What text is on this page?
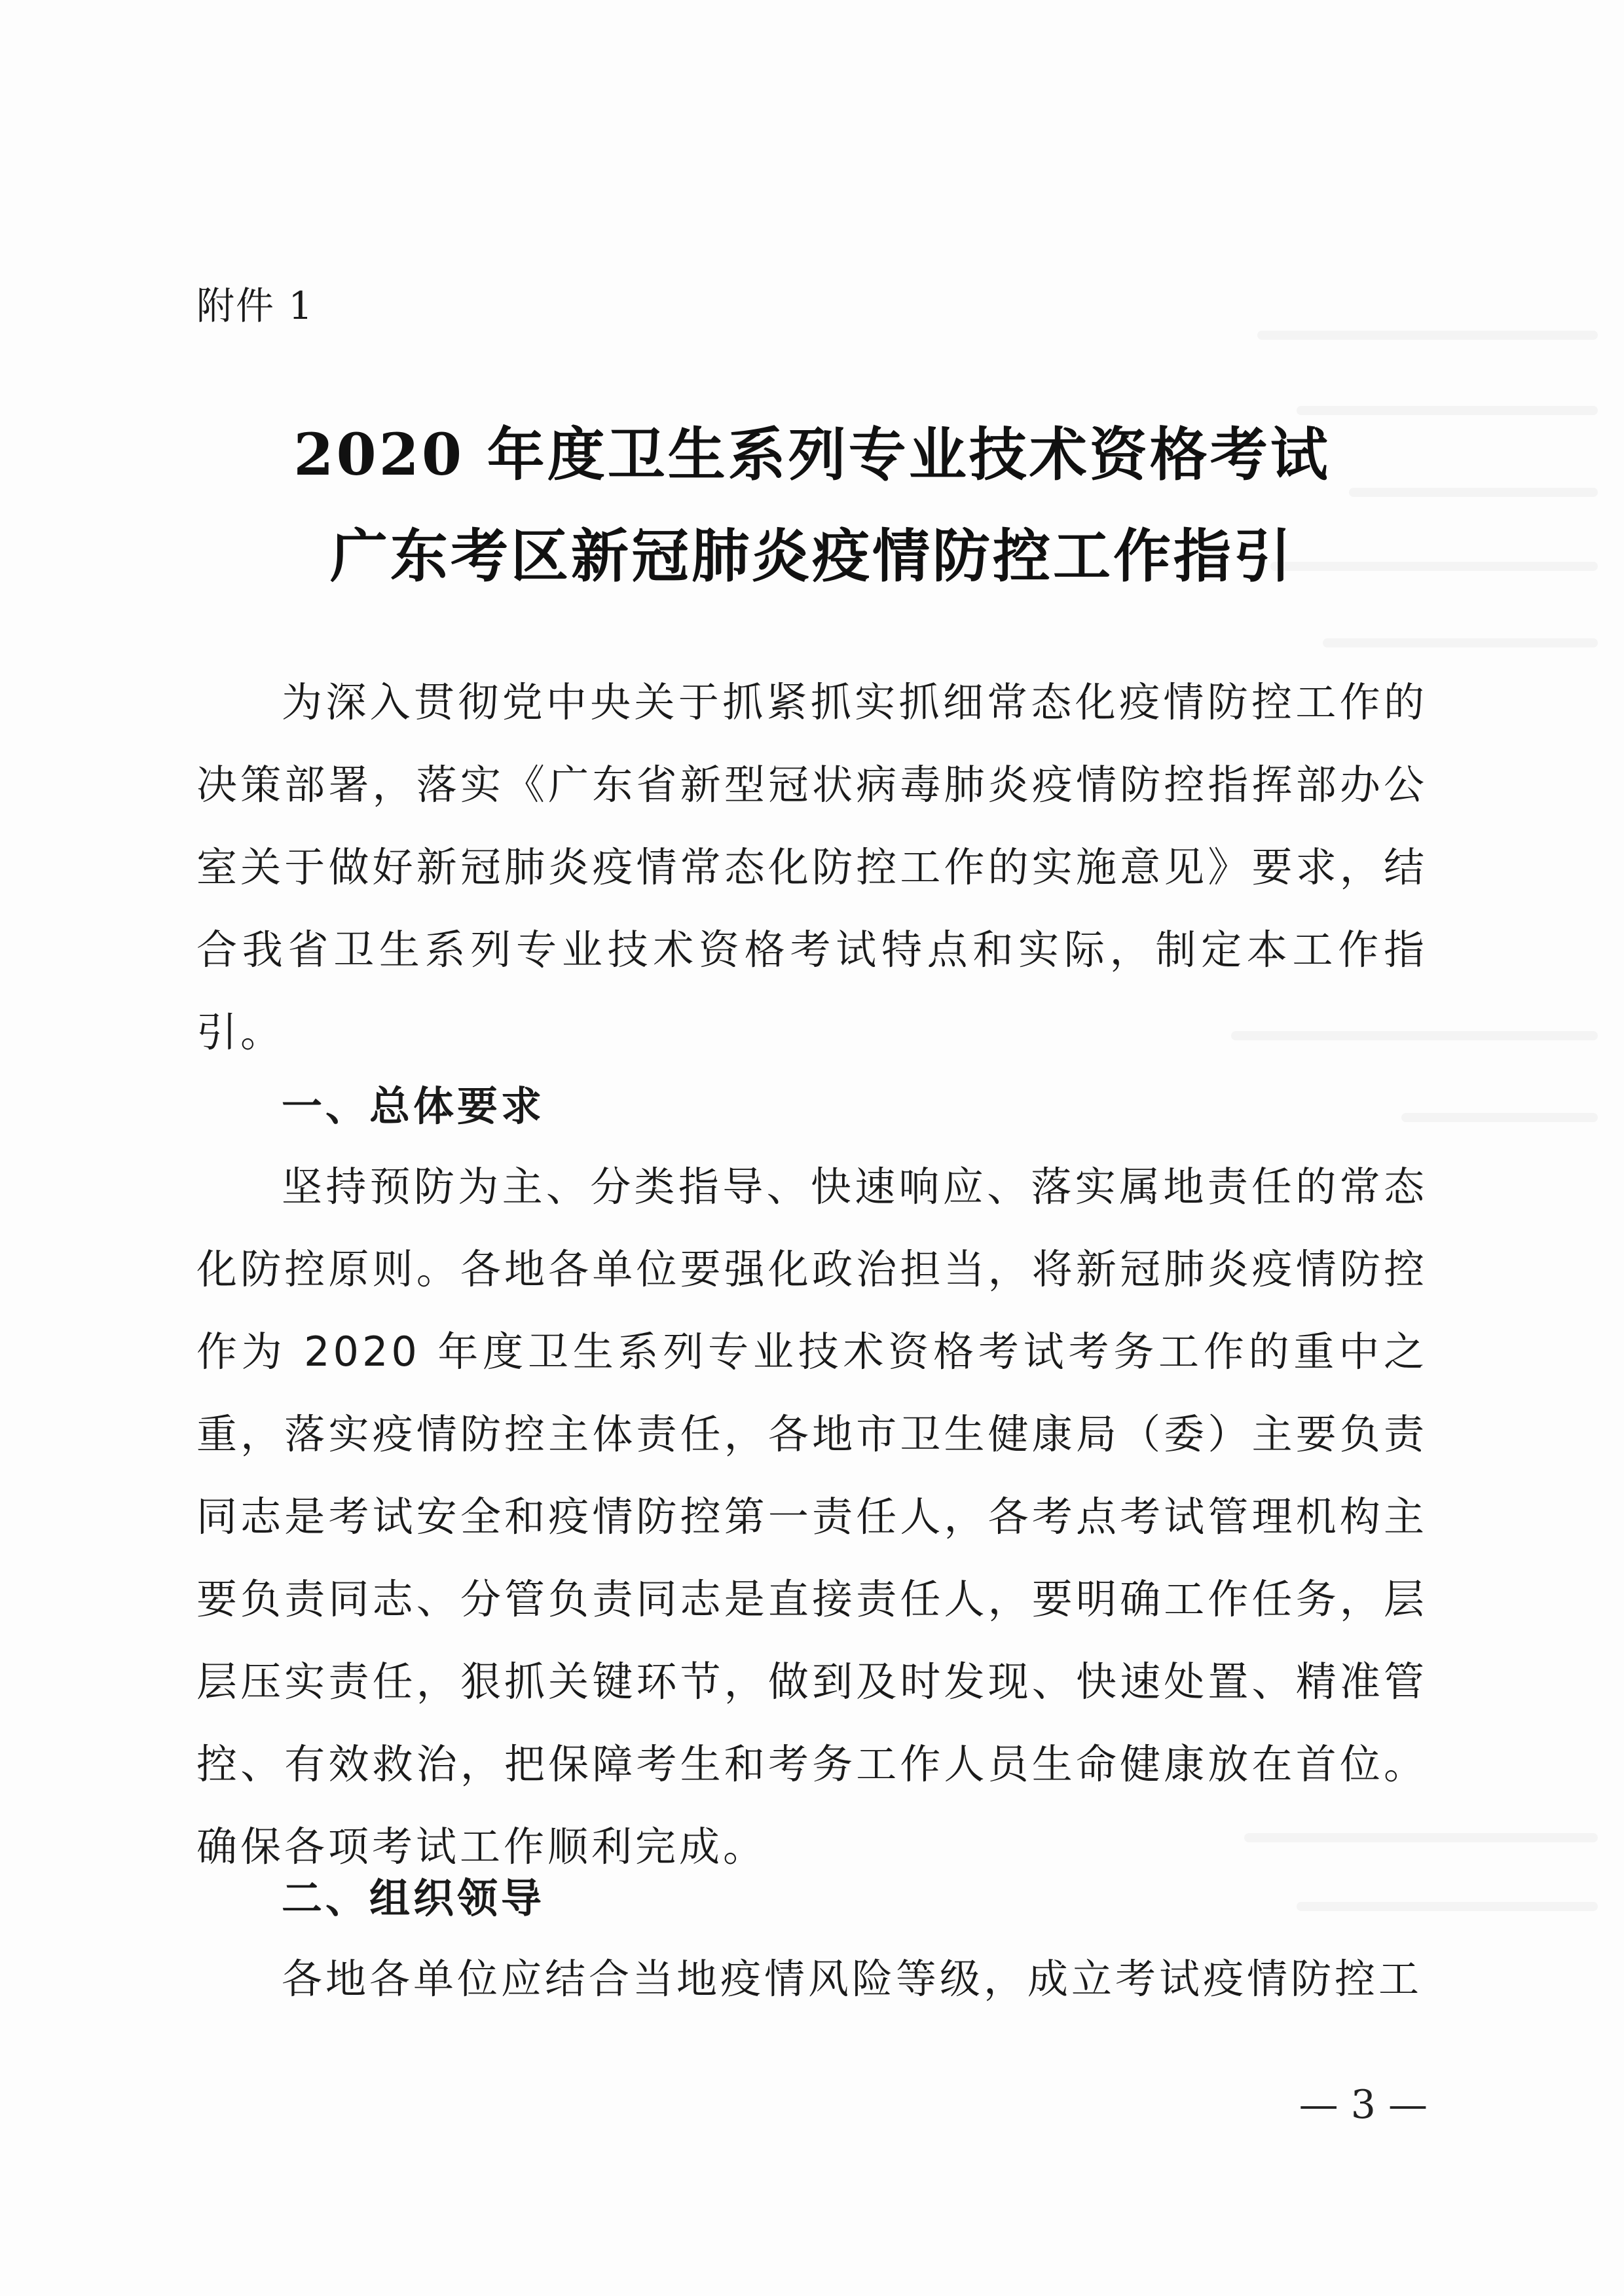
附件 1
2020 年度卫生系列专业技术资格考试
广东考区新冠肺炎疫情防控工作指引

为深入贯彻党中央关于抓紧抓实抓细常态化疫情防控工作的决策部署，落实《广东省新型冠状病毒肺炎疫情防控指挥部办公室关于做好新冠肺炎疫情常态化防控工作的实施意见》要求，结合我省卫生系列专业技术资格考试特点和实际，制定本工作指引。

一、总体要求

坚持预防为主、分类指导、快速响应、落实属地责任的常态化防控原则。各地各单位要强化政治担当，将新冠肺炎疫情防控作为 2020 年度卫生系列专业技术资格考试考务工作的重中之重，落实疫情防控主体责任，各地市卫生健康局（委）主要负责同志是考试安全和疫情防控第一责任人，各考点考试管理机构主要负责同志、分管负责同志是直接责任人，要明确工作任务，层层压实责任，狠抓关键环节，做到及时发现、快速处置、精准管控、有效救治，把保障考生和考务工作人员生命健康放在首位。确保各项考试工作顺利完成。

二、组织领导

各地各单位应结合当地疫情风险等级，成立考试疫情防控工

— 3 —
